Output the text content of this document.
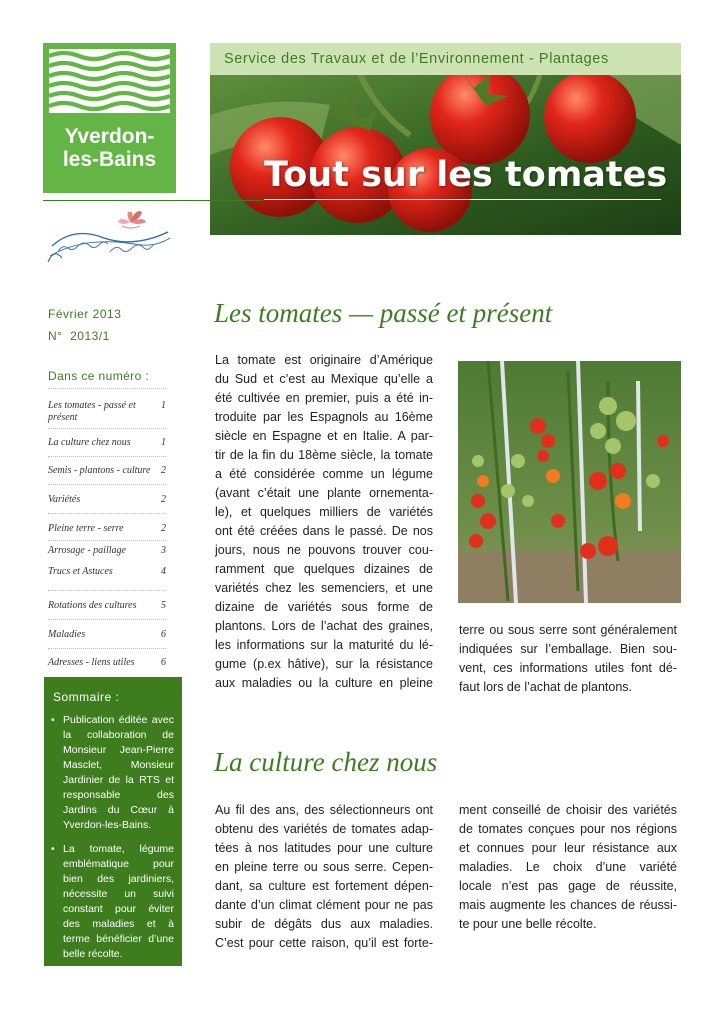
Yverdon-
les-Bains
Service des Travaux et de l’Environnement - Plantages
Tout sur les tomates
Février 2013
N°  2013/1
Dans ce numéro :
Les tomates - passé et présent
1
La culture chez nous	1
Semis - plantons - culture	2
Variétés	2
Pleine terre - serre	2
Arrosage - paillage	3
Trucs et Astuces	4
Rotations des cultures	5
Maladies	6
Adresses - liens utiles	6
Sommaire :
• Publication éditée avec la collaboration de Monsieur Jean-Pierre Masclet, Monsieur Jardinier de la RTS et responsable des Jardins du Cœur à Yverdon-les-Bains.
• La tomate, légume emblématique pour bien des jardiniers, nécessite un suivi constant pour éviter des maladies et à terme bénéficier d’une belle récolte.
Les tomates — passé et présent
La tomate est originaire d’Amérique
du Sud et c’est au Mexique qu’elle a
été cultivée en premier, puis a été in-
troduite par les Espagnols au 16ème
siècle en Espagne et en Italie. A par-
tir de la fin du 18ème siècle, la tomate
a été considérée comme un légume
(avant c’était une plante ornementa-
le), et quelques milliers de variétés
ont été créées dans le passé. De nos
jours, nous ne pouvons trouver cou-
ramment que quelques dizaines de
variétés chez les semenciers, et une
dizaine de variétés sous forme de
plantons. Lors de l’achat des graines,
les informations sur la maturité du lé-
gume (p.ex hâtive), sur la résistance
aux maladies ou la culture en pleine
terre ou sous serre sont généralement
indiquées sur l’emballage. Bien sou-
vent, ces informations utiles font dé-
faut lors de l’achat de plantons.
La culture chez nous
Au fil des ans, des sélectionneurs ont
obtenu des variétés de tomates adap-
tées à nos latitudes pour une culture
en pleine terre ou sous serre. Cepen-
dant, sa culture est fortement dépen-
dante d’un climat clément pour ne pas
subir de dégâts dus aux maladies.
C’est pour cette raison, qu’il est forte-
ment conseillé de choisir des variétés
de tomates conçues pour nos régions
et connues pour leur résistance aux
maladies. Le choix d’une variété
locale n’est pas gage de réussite,
mais augmente les chances de réussi-
te pour une belle récolte.
